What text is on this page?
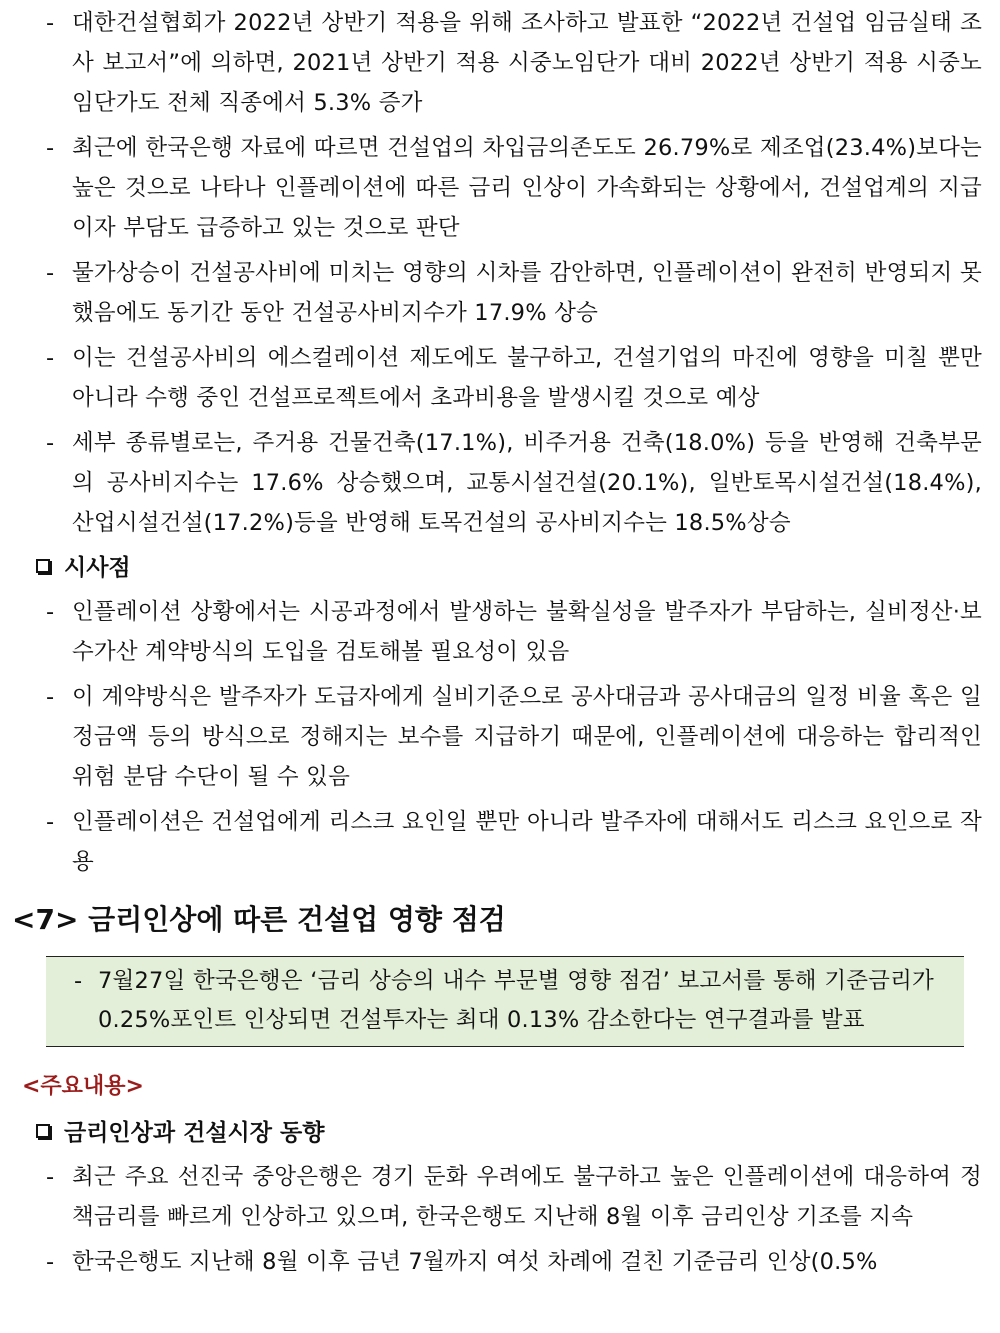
- 대한건설협회가 2022년 상반기 적용을 위해 조사하고 발표한 “2022년 건설업 임금실태 조사 보고서”에 의하면, 2021년 상반기 적용 시중노임단가 대비 2022년 상반기 적용 시중노임단가도 전체 직종에서 5.3% 증가
- 최근에 한국은행 자료에 따르면 건설업의 차입금의존도도 26.79%로 제조업(23.4%)보다는 높은 것으로 나타나 인플레이션에 따른 금리 인상이 가속화되는 상황에서, 건설업계의 지급 이자 부담도 급증하고 있는 것으로 판단
- 물가상승이 건설공사비에 미치는 영향의 시차를 감안하면, 인플레이션이 완전히 반영되지 못했음에도 동기간 동안 건설공사비지수가 17.9% 상승
- 이는 건설공사비의 에스컬레이션 제도에도 불구하고, 건설기업의 마진에 영향을 미칠 뿐만 아니라 수행 중인 건설프로젝트에서 초과비용을 발생시킬 것으로 예상
- 세부 종류별로는, 주거용 건물건축(17.1%), 비주거용 건축(18.0%) 등을 반영해 건축부문의 공사비지수는 17.6% 상승했으며, 교통시설건설(20.1%), 일반토목시설건설(18.4%), 산업시설건설(17.2%)등을 반영해 토목건설의 공사비지수는 18.5%상승
시사점
- 인플레이션 상황에서는 시공과정에서 발생하는 불확실성을 발주자가 부담하는, 실비정산·보수가산 계약방식의 도입을 검토해볼 필요성이 있음
- 이 계약방식은 발주자가 도급자에게 실비기준으로 공사대금과 공사대금의 일정 비율 혹은 일정금액 등의 방식으로 정해지는 보수를 지급하기 때문에, 인플레이션에 대응하는 합리적인 위험 분담 수단이 될 수 있음
- 인플레이션은 건설업에게 리스크 요인일 뿐만 아니라 발주자에 대해서도 리스크 요인으로 작용
<7> 금리인상에 따른 건설업 영향 점검
- 7월27일 한국은행은 ‘금리 상승의 내수 부문별 영향 점검’ 보고서를 통해 기준금리가 0.25%포인트 인상되면 건설투자는 최대 0.13% 감소한다는 연구결과를 발표
<주요내용>
금리인상과 건설시장 동향
- 최근 주요 선진국 중앙은행은 경기 둔화 우려에도 불구하고 높은 인플레이션에 대응하여 정책금리를 빠르게 인상하고 있으며, 한국은행도 지난해 8월 이후 금리인상 기조를 지속
- 한국은행도 지난해 8월 이후 금년 7월까지 여섯 차례에 걸친 기준금리 인상(0.5%
